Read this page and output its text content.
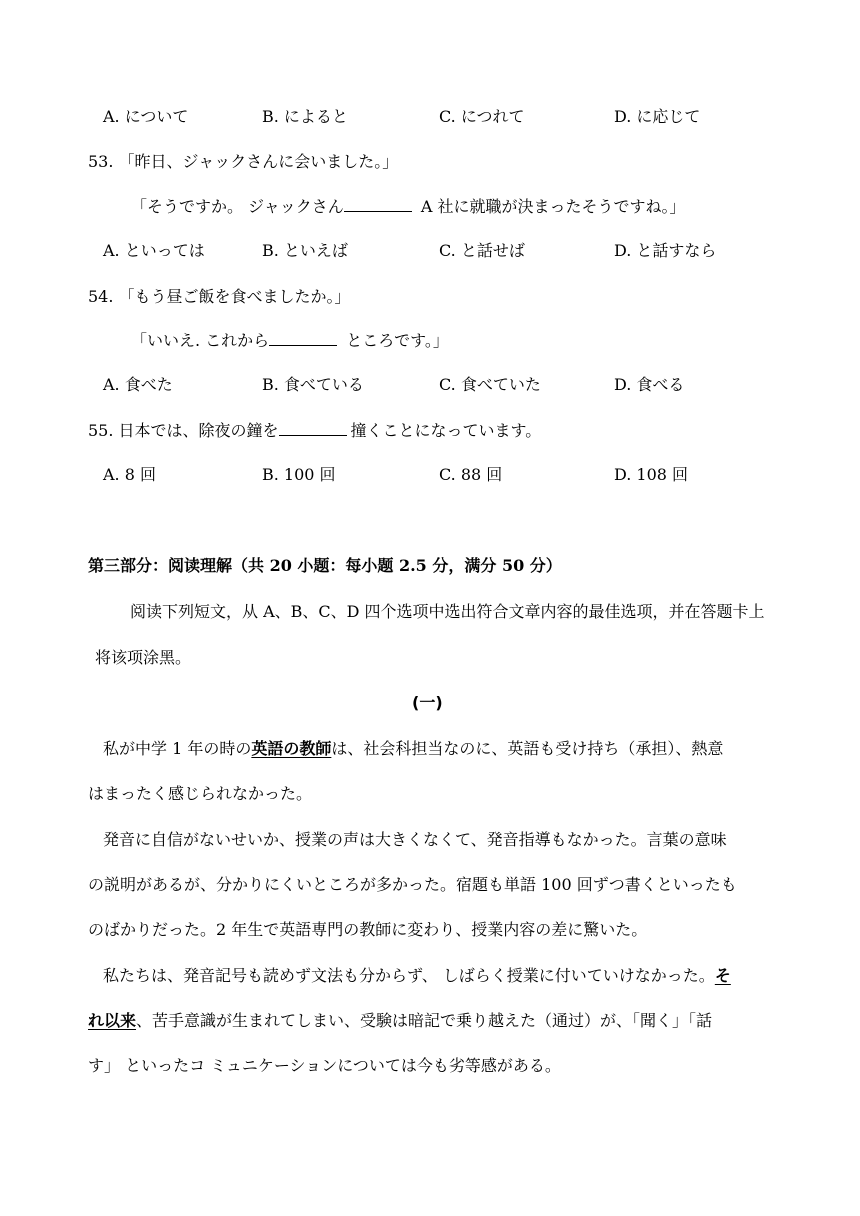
A. について	B. によると	C. につれて	D. に応じて
53. 「昨日、ジャックさんに会いました。」
「そうですか。 ジャックさん	A 社に就職が決まったそうですね。」
A. といっては	B. といえば	C. と話せば	D. と話すなら
54. 「もう昼ご飯を食べましたか。」
「いいえ. これから	ところです。」
A. 食べた	B. 食べている	C. 食べていた	D. 食べる
55. 日本では、除夜の鐘を	撞くことになっています。
A. 8 回	B. 100 回	C. 88 回	D. 108 回
第三部分：阅读理解（共 20 小题：每小题 2.5 分，满分 50 分）
阅读下列短文，从 A、B、C、D 四个选项中选出符合文章内容的最佳选项，并在答题卡上
将该项涂黑。
(一)
私が中学 1 年の時の英語の教師は、社会科担当なのに、英語も受け持ち（承担）、熱意
はまったく感じられなかった。
発音に自信がないせいか、授業の声は大きくなくて、発音指導もなかった。言葉の意味
の説明があるが、分かりにくいところが多かった。宿題も単語 100 回ずつ書くといったも
のばかりだった。2 年生で英語専門の教師に変わり、授業内容の差に驚いた。
私たちは、発音記号も読めず文法も分からず、 しばらく授業に付いていけなかった。そ
れ以来、苦手意識が生まれてしまい、受験は暗記で乗り越えた（通过）が、「聞く」「話
す」 といったコ ミュニケーションについては今も劣等感がある。
